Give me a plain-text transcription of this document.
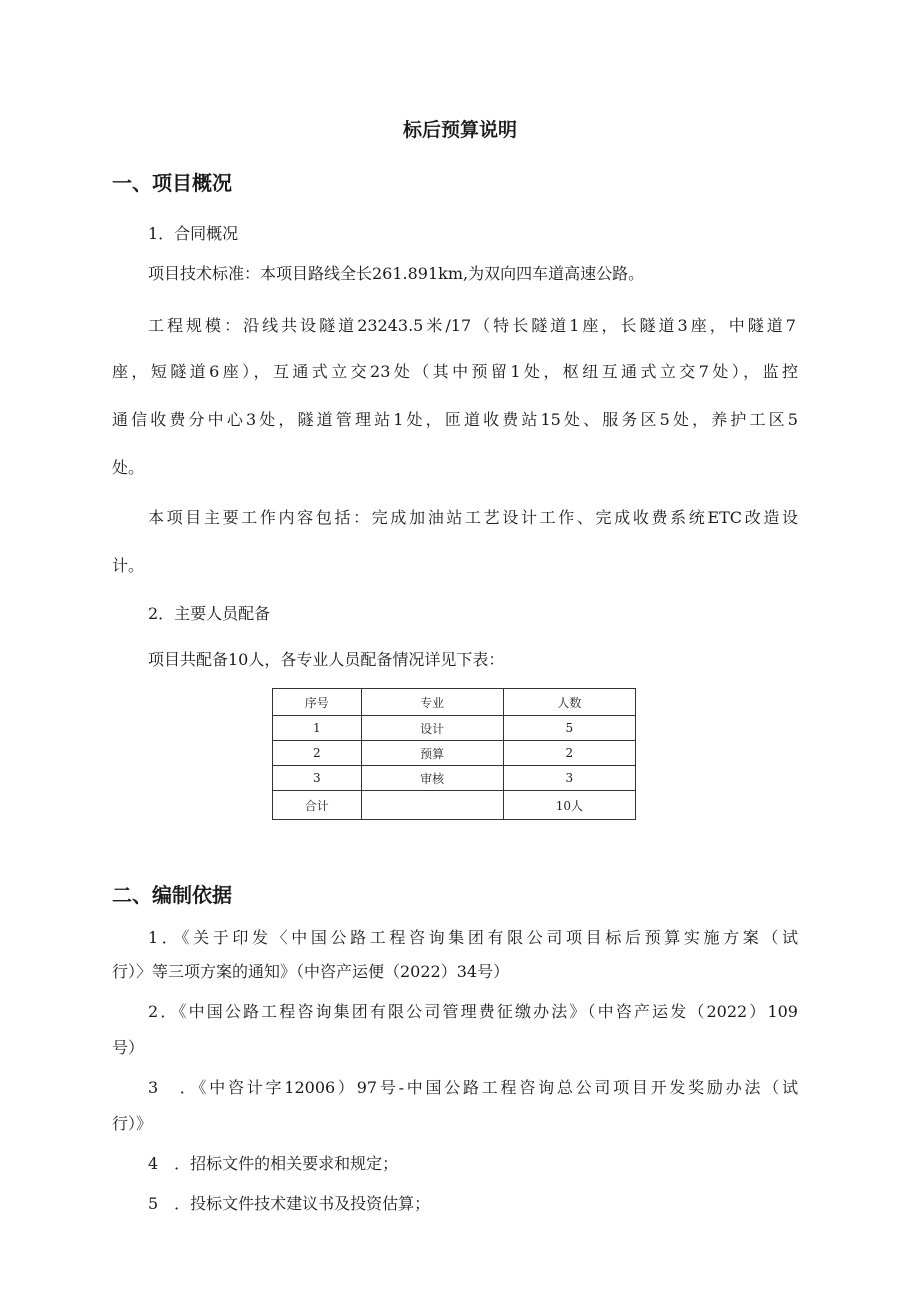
标后预算说明
一、项目概况

1．合同概况

项目技术标准：本项目路线全长261.891km,为双向四车道高速公路。

工程规模：沿线共设隧道23243.5米/17（特长隧道1座，长隧道3座，中隧道7

座，短隧道6座），互通式立交23处（其中预留1处，枢纽互通式立交7处），监控

通信收费分中心3处，隧道管理站1处，匝道收费站15处、服务区5处，养护工区5

处。

本项目主要工作内容包括：完成加油站工艺设计工作、完成收费系统ETC改造设

计。

2．主要人员配备

项目共配备10人，各专业人员配备情况详见下表：

序号	专业	人数
1	设计	5
2	预算	2
3	审核	3
合计		10人
二、编制依据

1．《关于印发〈中国公路工程咨询集团有限公司项目标后预算实施方案（试

行）〉等三项方案的通知》（中咨产运便（2022）34号）

2．《中国公路工程咨询集团有限公司管理费征缴办法》（中咨产运发（2022）109

号）

3　．《中咨计字12006）97号-中国公路工程咨询总公司项目开发奖励办法（试

行）》

4　．招标文件的相关要求和规定；

5　．投标文件技术建议书及投资估算；
